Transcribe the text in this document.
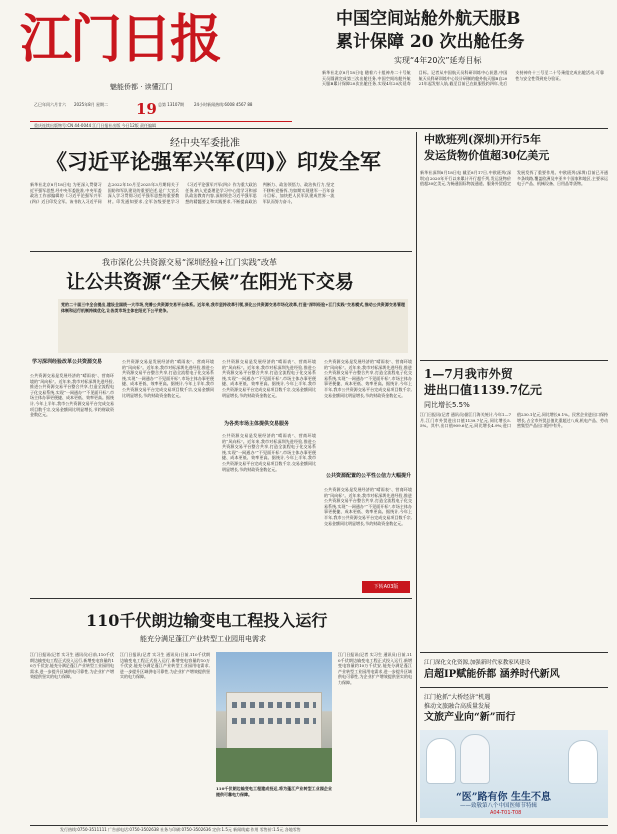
江门日报
魅能侨都 · 读懂江门
乙巳年闰六月廿六	2025年8月 星期二 19 总第 13107期	24小时新闻热线:6008 4567 88
重庆连续出版物号:CN 44-0044 江门日报社出版 今日12版 责任编辑
中国空间站舱外航天服B
累计保障 20 次出舱任务
实现“4年20次”延寿目标
新华社北京8月18日电 随着六十组神舟二十号航天员圆满完成第三次出舱任务,中国空间站舱外航天服B累计保障20次出舱任务,实现4年20次延寿目标。记者从中国航天员科研训练中心获悉,中国航天员科研训练中心设计研制的舱外航天服B自2021年起发射入轨,截至目前已在轨服役约四年,先后支持神舟十三号至二十号乘组完成出舱活动,可靠性与安全性得到充分验证。
经中央军委批准
《习近平论强军兴军(四)》印发全军
新华社北京8月18日电 为更深入贯彻习近平强军思想,经中央军委批准,中央军委政治工作部编辑的《习近平论强军兴军(四)》近日印发全军。该书收入习近平同志2022年10月至2025年3月期间关于国防和军队建设的重要论述,是广大官兵深入学习贯彻习近平强军思想的重要教材。印发通知要求,全军各级要把学习《习近平论强军兴军(四)》作为重大政治任务,纳入党委理论学习中心组学习和部队政治教育内容,深刻领会习近平强军思想的精髓要义和实践要求,不断提高政治判断力、政治领悟力、政治执行力,坚定不移听党指挥,为如期实现建军一百年奋斗目标、加快把人民军队建成世界一流军队而努力奋斗。
我市深化公共资源交易“深圳经验+江门实践”改革
让公共资源“全天候”在阳光下交易
党的二十届三中全会提出,建设全国统一大市场,完善公共资源交易平台体系。近年来,我市坚持改革引领,深化公共资源交易市场化改革,打造“深圳经验+江门实践”交易模式,推动公共资源交易管理体制和运行机制持续优化,让各类市场主体在阳光下公平竞争。
学习深圳经验改革公共资源交易
公共资源交易是发展经济的“晴雨表”、营商环境的“风向标”。近年来,我市对标深圳先进经验,推进公共资源交易平台整合共享,打造全流程电子化交易系统,实现“一网通办”“不见面开标”,市场主体办事更便捷、成本更低、效率更高。据统计,今年上半年,我市公共资源交易平台完成交易项目数千宗,交易金额同比明显增长,节约财政资金数亿元。
公共资源交易是发展经济的“晴雨表”、营商环境的“风向标”。近年来,我市对标深圳先进经验,推进公共资源交易平台整合共享,打造全流程电子化交易系统,实现“一网通办”“不见面开标”,市场主体办事更便捷、成本更低、效率更高。据统计,今年上半年,我市公共资源交易平台完成交易项目数千宗,交易金额同比明显增长,节约财政资金数亿元。
为各类市场主体提供交易服务
公共资源交易是发展经济的“晴雨表”、营商环境的“风向标”。近年来,我市对标深圳先进经验,推进公共资源交易平台整合共享,打造全流程电子化交易系统,实现“一网通办”“不见面开标”,市场主体办事更便捷、成本更低、效率更高。据统计,今年上半年,我市公共资源交易平台完成交易项目数千宗,交易金额同比明显增长,节约财政资金数亿元。
公共资源交易是发展经济的“晴雨表”、营商环境的“风向标”。近年来,我市对标深圳先进经验,推进公共资源交易平台整合共享,打造全流程电子化交易系统,实现“一网通办”“不见面开标”,市场主体办事更便捷、成本更低、效率更高。据统计,今年上半年,我市公共资源交易平台完成交易项目数千宗,交易金额同比明显增长,节约财政资金数亿元。
公共资源交易是发展经济的“晴雨表”、营商环境的“风向标”。近年来,我市对标深圳先进经验,推进公共资源交易平台整合共享,打造全流程电子化交易系统,实现“一网通办”“不见面开标”,市场主体办事更便捷、成本更低、效率更高。据统计,今年上半年,我市公共资源交易平台完成交易项目数千宗,交易金额同比明显增长,节约财政资金数亿元。
公共资源配置的公平性公信力大幅提升
公共资源交易是发展经济的“晴雨表”、营商环境的“风向标”。近年来,我市对标深圳先进经验,推进公共资源交易平台整合共享,打造全流程电子化交易系统,实现“一网通办”“不见面开标”,市场主体办事更便捷、成本更低、效率更高。据统计,今年上半年,我市公共资源交易平台完成交易项目数千宗,交易金额同比明显增长,节约财政资金数亿元。
下转A03版
110千伏朗边输变电工程投入运行
能充分满足蓬江产业转型工业园用电需求
江门日报讯(记者 实习生 通讯员)日前,110千伏朗边输变电工程正式投入运行,新增变电容量约10万千伏安,能充分满足蓬江产业转型工业园用电需求,进一步提升区域供电可靠性,为企业扩产增效提供坚实的电力保障。
江门日报讯(记者 实习生 通讯员)日前,110千伏朗边输变电工程正式投入运行,新增变电容量约10万千伏安,能充分满足蓬江产业转型工业园用电需求,进一步提升区域供电可靠性,为企业扩产增效提供坚实的电力保障。
110千伏朗边输变电工程建成投运,将为蓬江产业转型工业园企业提供可靠电力保障。
江门日报讯(记者 实习生 通讯员)日前,110千伏朗边输变电工程正式投入运行,新增变电容量约10万千伏安,能充分满足蓬江产业转型工业园用电需求,进一步提升区域供电可靠性,为企业扩产增效提供坚实的电力保障。
中欧班列(深圳)开行5年
发运货物价值超30亿美元
新华社深圳8月18日电 截至8月17日,中欧班列(深圳)自2020年开行以来累计开行超千列,发运货物价值超30亿美元,为畅通国际物流通道、服务外贸稳定发展发挥了重要作用。中欧班列(深圳)目前已开通多条线路,覆盖欧洲及中亚多个国家和地区,主要承运电子产品、机械设备、日用品等货物。
1—7月我市外贸
进出口值1139.7亿元
同比增长5.5%
江门日报讯(记者 通讯员)据江门海关统计,今年1—7月,江门市外贸进出口值1139.7亿元,同比增长5.5%。其中,出口值909.6亿元,同比增长4.9%;进口值230.1亿元,同比增长8.1%。民营企业进出口保持增长,占全市外贸总值比重超过八成,机电产品、劳动密集型产品出口稳中有升。
江门深化文化资源,加强新时代家教家风建设
启超IP赋能侨都 涵养时代新风
江门抢抓“大桥经济”机遇
推动文旅融合高质量发展
文旅产业向“新”而行
“医”路有你 生生不息
——致敬第八个中国医师节特辑
A04-T01-T08
发行热线:0750-3511111 广告部电话:0750-3502638 社务与印刷:0750-3502636 定价:1.5元 新闻线索:作用 零售价:1.5元 各地零售
